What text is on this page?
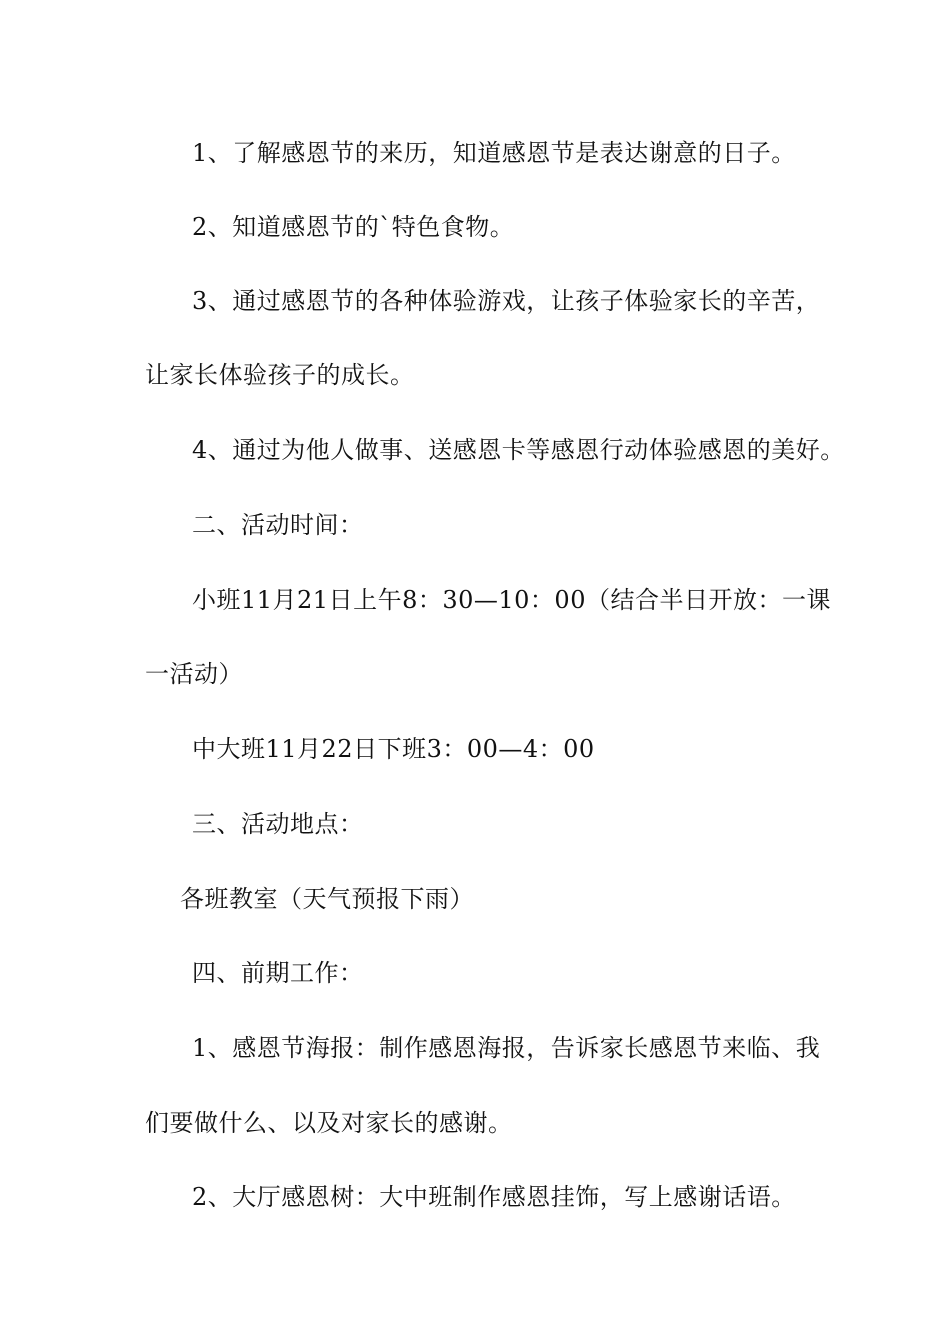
1、了解感恩节的来历，知道感恩节是表达谢意的日子。
2、知道感恩节的`特色食物。
3、通过感恩节的各种体验游戏，让孩子体验家长的辛苦，
让家长体验孩子的成长。
4、通过为他人做事、送感恩卡等感恩行动体验感恩的美好。
二、活动时间：
小班11月21日上午8：30—10：00（结合半日开放：一课
一活动）
中大班11月22日下班3：00—4：00
三、活动地点：
各班教室（天气预报下雨）
四、前期工作：
1、感恩节海报：制作感恩海报，告诉家长感恩节来临、我
们要做什么、以及对家长的感谢。
2、大厅感恩树：大中班制作感恩挂饰，写上感谢话语。
